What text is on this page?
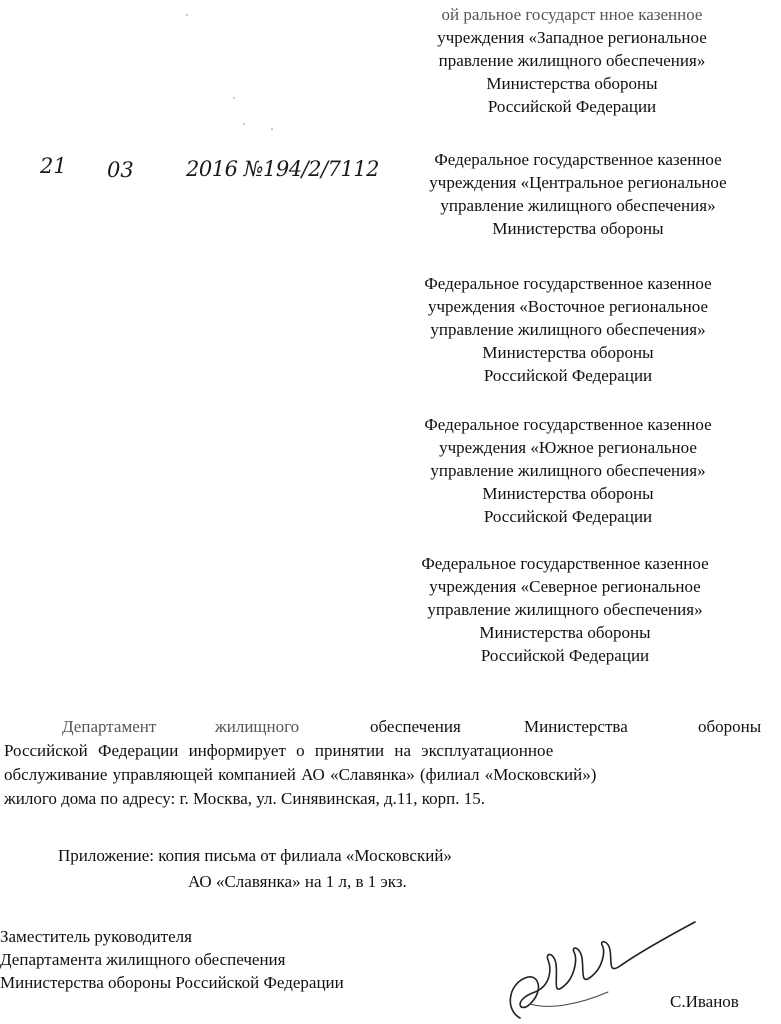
ой ральное государст нное казенное
учреждения «Западное региональное
правление жилищного обеспечения»
Министерства обороны
Российской Федерации
21 03 2016 №194/2/7112	Федеральное государственное казенное
учреждения «Центральное региональное
управление жилищного обеспечения»
Министерства обороны
Федеральное государственное казенное
учреждения «Восточное региональное
управление жилищного обеспечения»
Министерства обороны
Российской Федерации
Федеральное государственное казенное
учреждения «Южное региональное
управление жилищного обеспечения»
Министерства обороны
Российской Федерации
Федеральное государственное казенное
учреждения «Северное региональное
управление жилищного обеспечения»
Министерства обороны
Российской Федерации
Департамент	жилищного	обеспечения	Министерства	обороны
Российской Федерации информирует о принятии на эксплуатационное
обслуживание управляющей компанией АО «Славянка» (филиал «Московский»)
жилого дома по адресу: г. Москва, ул. Синявинская, д.11, корп. 15.
Приложение: копия письма от филиала «Московский»
АО «Славянка» на 1 л, в 1 экз.
Заместитель руководителя
Департамента жилищного обеспечения
Министерства обороны Российской Федерации
С.Иванов
